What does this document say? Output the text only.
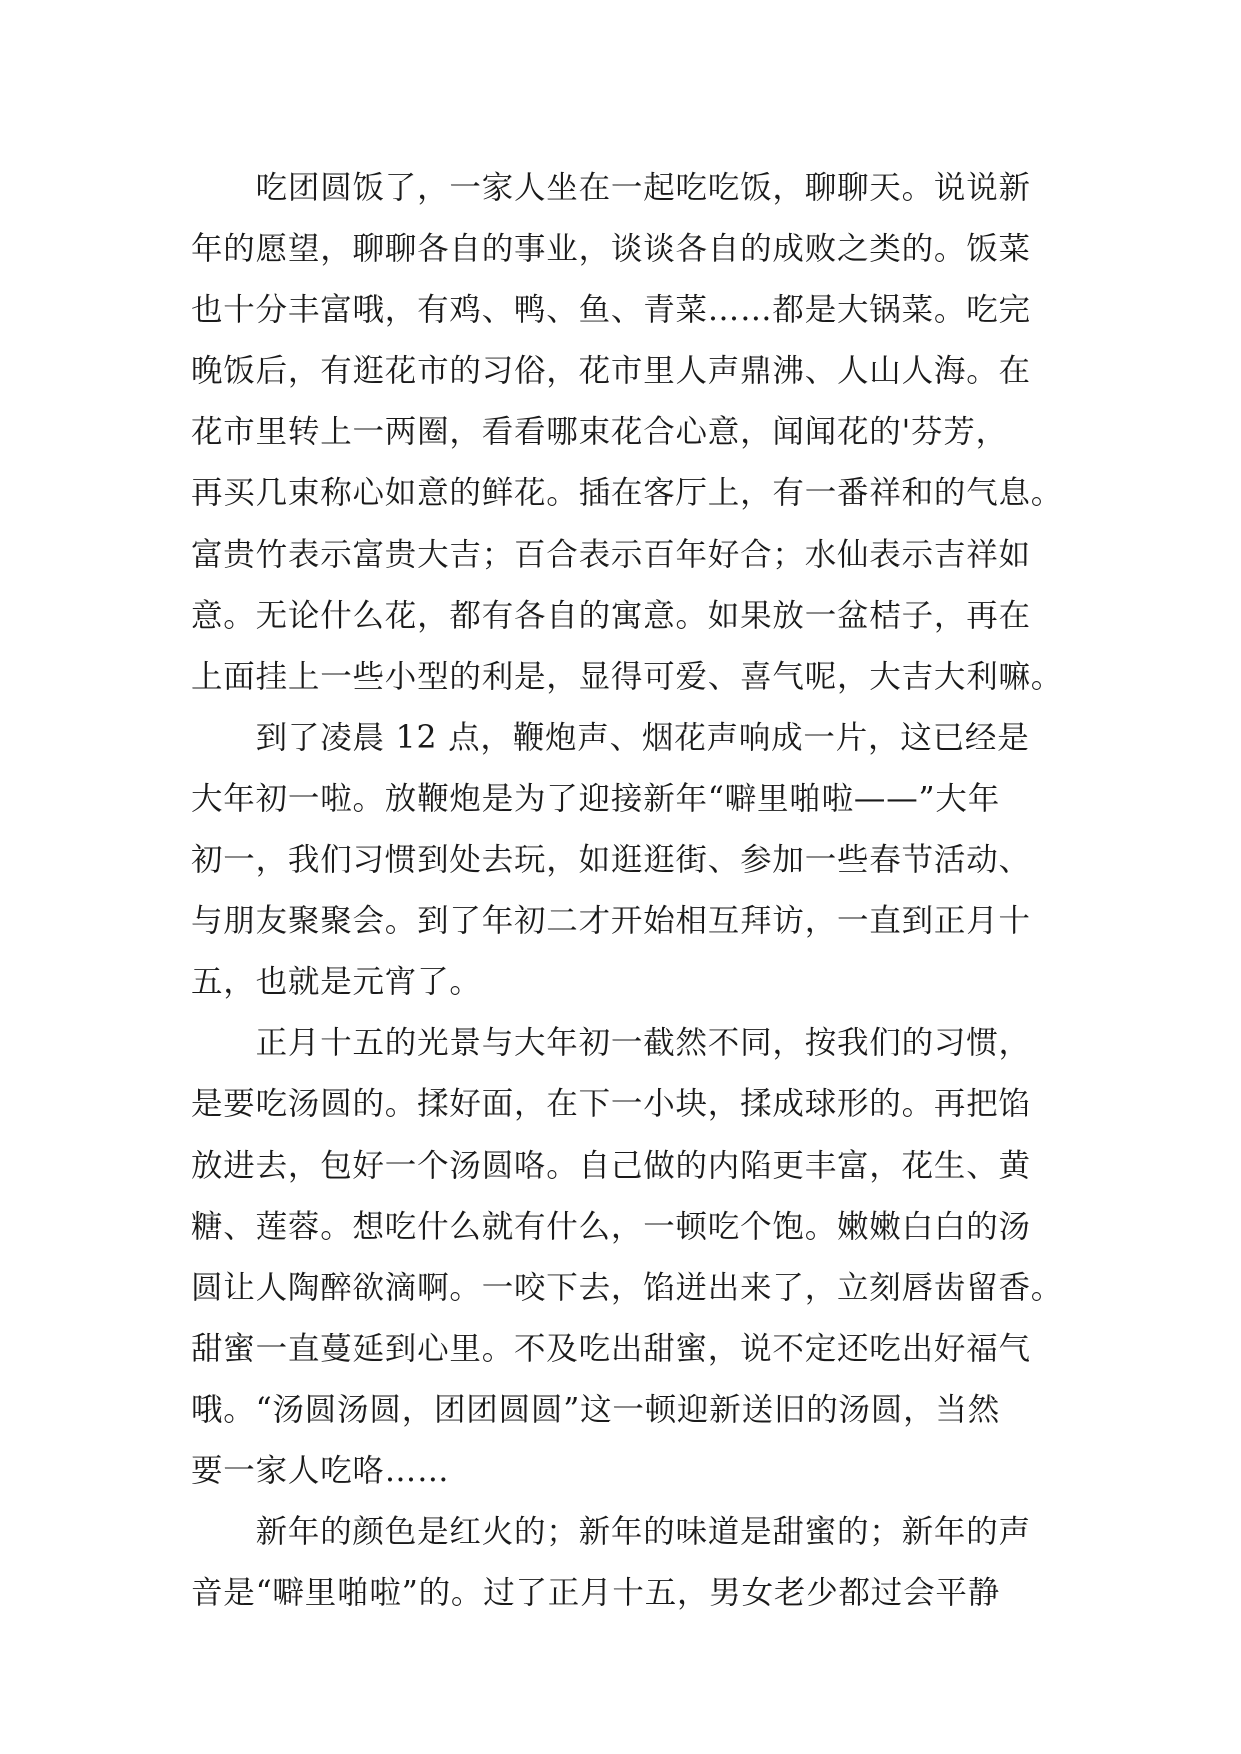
　　吃团圆饭了，一家人坐在一起吃吃饭，聊聊天。说说新
年的愿望，聊聊各自的事业，谈谈各自的成败之类的。饭菜
也十分丰富哦，有鸡、鸭、鱼、青菜……都是大锅菜。吃完
晚饭后，有逛花市的习俗，花市里人声鼎沸、人山人海。在
花市里转上一两圈，看看哪束花合心意，闻闻花的'芬芳，
再买几束称心如意的鲜花。插在客厅上，有一番祥和的气息。
富贵竹表示富贵大吉；百合表示百年好合；水仙表示吉祥如
意。无论什么花，都有各自的寓意。如果放一盆桔子，再在
上面挂上一些小型的利是，显得可爱、喜气呢，大吉大利嘛。
　　到了凌晨 12 点，鞭炮声、烟花声响成一片，这已经是
大年初一啦。放鞭炮是为了迎接新年“噼里啪啦——”大年
初一，我们习惯到处去玩，如逛逛街、参加一些春节活动、
与朋友聚聚会。到了年初二才开始相互拜访，一直到正月十
五，也就是元宵了。
　　正月十五的光景与大年初一截然不同，按我们的习惯，
是要吃汤圆的。揉好面，在下一小块，揉成球形的。再把馅
放进去，包好一个汤圆咯。自己做的内陷更丰富，花生、黄
糖、莲蓉。想吃什么就有什么，一顿吃个饱。嫩嫩白白的汤
圆让人陶醉欲滴啊。一咬下去，馅迸出来了，立刻唇齿留香。
甜蜜一直蔓延到心里。不及吃出甜蜜，说不定还吃出好福气
哦。“汤圆汤圆，团团圆圆”这一顿迎新送旧的汤圆，当然
要一家人吃咯……
　　新年的颜色是红火的；新年的味道是甜蜜的；新年的声
音是“噼里啪啦”的。过了正月十五，男女老少都过会平静
